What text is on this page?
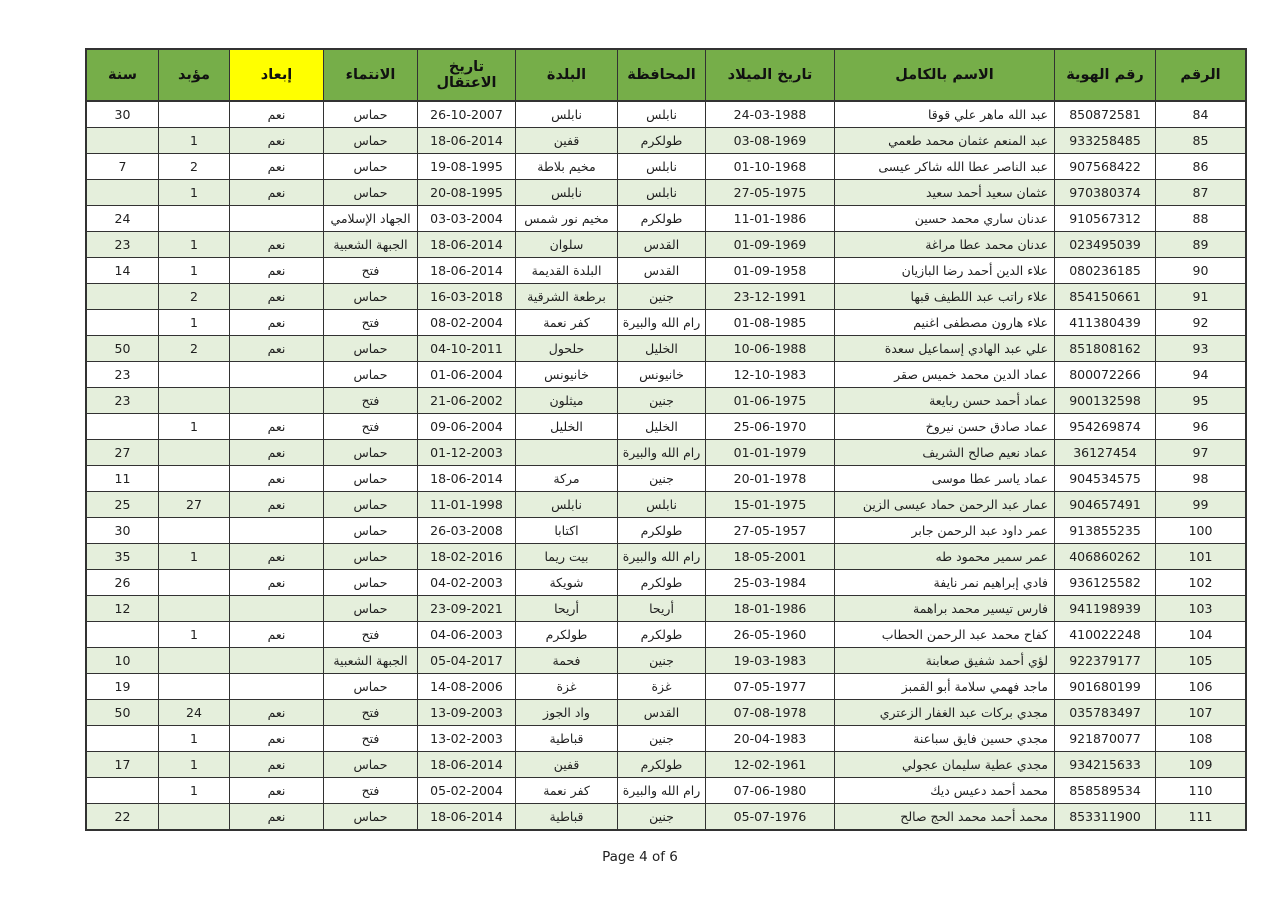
الرقم	رقم الهوية	الاسم بالكامل	تاريخ الميلاد	المحافظة	البلدة	تاريخ الاعتقال	الانتماء	إبعاد	مؤبد	سنة
84	850872581	عبد الله ماهر علي قوقا	24-03-1988	نابلس	نابلس	26-10-2007	حماس	نعم		30
85	933258485	عبد المنعم عثمان محمد طعمي	03-08-1969	طولكرم	قفين	18-06-2014	حماس	نعم	1	
86	907568422	عبد الناصر عطا الله شاكر عيسى	01-10-1968	نابلس	مخيم بلاطة	19-08-1995	حماس	نعم	2	7
87	970380374	عثمان سعيد أحمد سعيد	27-05-1975	نابلس	نابلس	20-08-1995	حماس	نعم	1	
88	910567312	عدنان ساري محمد حسين	11-01-1986	طولكرم	مخيم نور شمس	03-03-2004	الجهاد الإسلامي			24
89	023495039	عدنان محمد عطا مراغة	01-09-1969	القدس	سلوان	18-06-2014	الجبهة الشعبية	نعم	1	23
90	080236185	علاء الدين أحمد رضا البازيان	01-09-1958	القدس	البلدة القديمة	18-06-2014	فتح	نعم	1	14
91	854150661	علاء راتب عبد اللطيف قبها	23-12-1991	جنين	برطعة الشرقية	16-03-2018	حماس	نعم	2	
92	411380439	علاء هارون مصطفى اغنيم	01-08-1985	رام الله والبيرة	كفر نعمة	08-02-2004	فتح	نعم	1	
93	851808162	علي عبد الهادي إسماعيل سعدة	10-06-1988	الخليل	حلحول	04-10-2011	حماس	نعم	2	50
94	800072266	عماد الدين محمد خميس صقر	12-10-1983	خانيونس	خانيونس	01-06-2004	حماس			23
95	900132598	عماد أحمد حسن ربايعة	01-06-1975	جنين	ميثلون	21-06-2002	فتح			23
96	954269874	عماد صادق حسن نيروخ	25-06-1970	الخليل	الخليل	09-06-2004	فتح	نعم	1	
97	36127454	عماد نعيم صالح الشريف	01-01-1979	رام الله والبيرة		01-12-2003	حماس	نعم		27
98	904534575	عماد ياسر عطا موسى	20-01-1978	جنين	مركة	18-06-2014	حماس	نعم		11
99	904657491	عمار عبد الرحمن حماد عيسى الزين	15-01-1975	نابلس	نابلس	11-01-1998	حماس	نعم	27	25
100	913855235	عمر داود عبد الرحمن جابر	27-05-1957	طولكرم	اكتابا	26-03-2008	حماس			30
101	406860262	عمر سمير محمود طه	18-05-2001	رام الله والبيرة	بيت ريما	18-02-2016	حماس	نعم	1	35
102	936125582	فادي إبراهيم نمر نايفة	25-03-1984	طولكرم	شويكة	04-02-2003	حماس	نعم		26
103	941198939	فارس تيسير محمد براهمة	18-01-1986	أريحا	أريحا	23-09-2021	حماس			12
104	410022248	كفاح محمد عبد الرحمن الحطاب	26-05-1960	طولكرم	طولكرم	04-06-2003	فتح	نعم	1	
105	922379177	لؤي أحمد شفيق صعابنة	19-03-1983	جنين	فحمة	05-04-2017	الجبهة الشعبية			10
106	901680199	ماجد فهمي سلامة أبو القمبز	07-05-1977	غزة	غزة	14-08-2006	حماس			19
107	035783497	مجدي بركات عبد الغفار الزعتري	07-08-1978	القدس	واد الجوز	13-09-2003	فتح	نعم	24	50
108	921870077	مجدي حسين فايق سباعنة	20-04-1983	جنين	قباطية	13-02-2003	فتح	نعم	1	
109	934215633	مجدي عطية سليمان عجولي	12-02-1961	طولكرم	قفين	18-06-2014	حماس	نعم	1	17
110	858589534	محمد أحمد دعيس ديك	07-06-1980	رام الله والبيرة	كفر نعمة	05-02-2004	فتح	نعم	1	
111	853311900	محمد أحمد محمد الحج صالح	05-07-1976	جنين	قباطية	18-06-2014	حماس	نعم		22
Page 4 of 6
